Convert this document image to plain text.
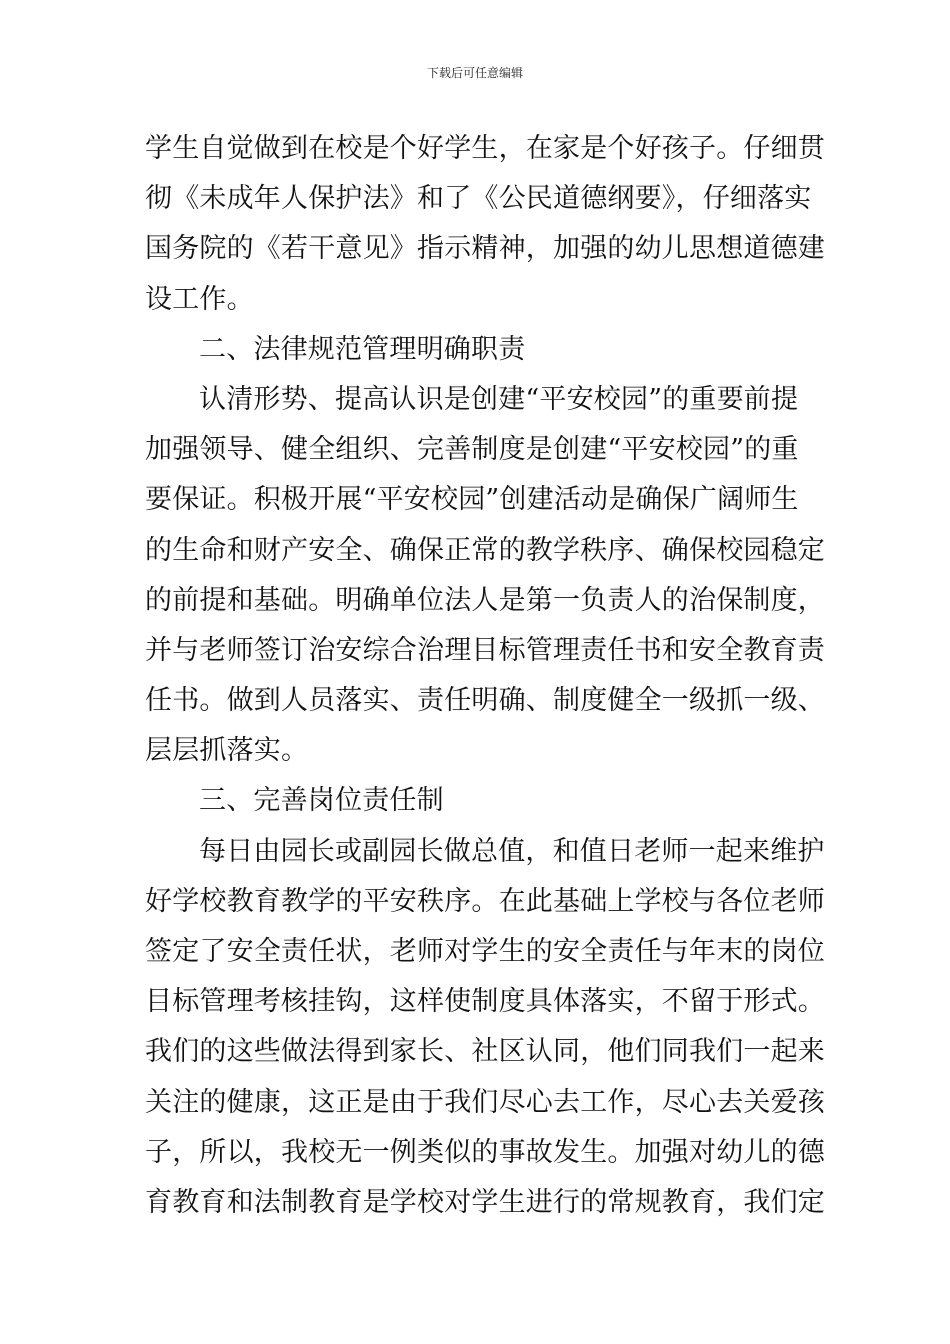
下载后可任意编辑
学生自觉做到在校是个好学生，在家是个好孩子。仔细贯
彻《未成年人保护法》和了《公民道德纲要》，仔细落实
国务院的《若干意见》指示精神，加强的幼儿思想道德建
设工作。
二、法律规范管理明确职责
认清形势、提高认识是创建“平安校园”的重要前提
加强领导、健全组织、完善制度是创建“平安校园”的重
要保证。积极开展“平安校园”创建活动是确保广阔师生
的生命和财产安全、确保正常的教学秩序、确保校园稳定
的前提和基础。明确单位法人是第一负责人的治保制度，
并与老师签订治安综合治理目标管理责任书和安全教育责
任书。做到人员落实、责任明确、制度健全一级抓一级、
层层抓落实。
三、完善岗位责任制
每日由园长或副园长做总值，和值日老师一起来维护
好学校教育教学的平安秩序。在此基础上学校与各位老师
签定了安全责任状，老师对学生的安全责任与年末的岗位
目标管理考核挂钩，这样使制度具体落实，不留于形式。
我们的这些做法得到家长、社区认同，他们同我们一起来
关注的健康，这正是由于我们尽心去工作，尽心去关爱孩
子，所以，我校无一例类似的事故发生。加强对幼儿的德
育教育和法制教育是学校对学生进行的常规教育，我们定
